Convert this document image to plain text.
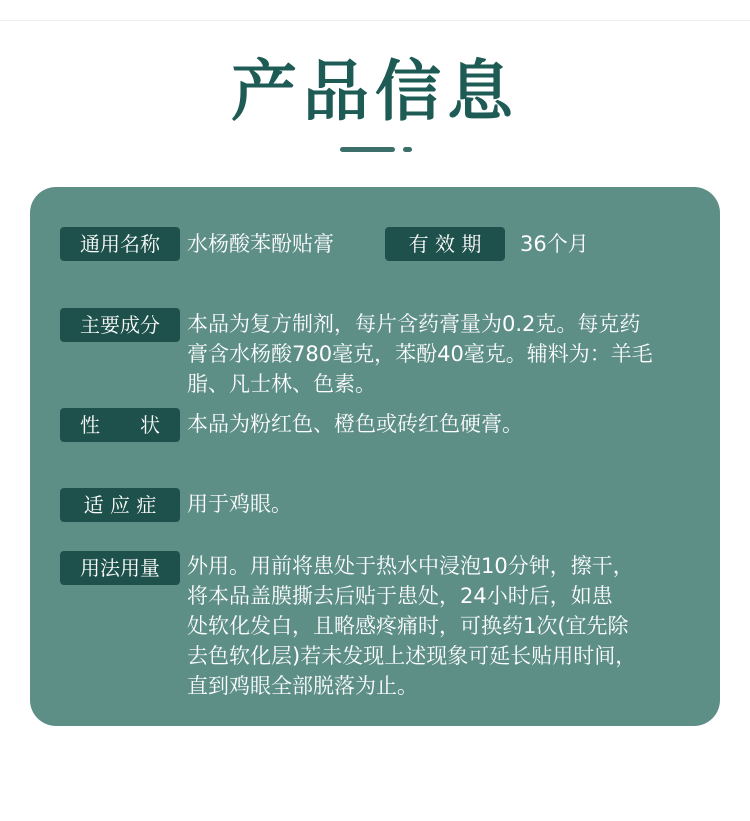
产品信息
通用名称	水杨酸苯酚贴膏	有 效 期	36个月
主要成分	本品为复方制剂，每片含药膏量为0.2克。每克药
膏含水杨酸780毫克，苯酚40毫克。辅料为：羊毛
脂、凡士林、色素。
性　　状	本品为粉红色、橙色或砖红色硬膏。
适 应 症	用于鸡眼。
用法用量	外用。用前将患处于热水中浸泡10分钟，擦干，
将本品盖膜撕去后贴于患处，24小时后，如患
处软化发白，且略感疼痛时，可换药1次(宜先除
去色软化层)若未发现上述现象可延长贴用时间，
直到鸡眼全部脱落为止。
